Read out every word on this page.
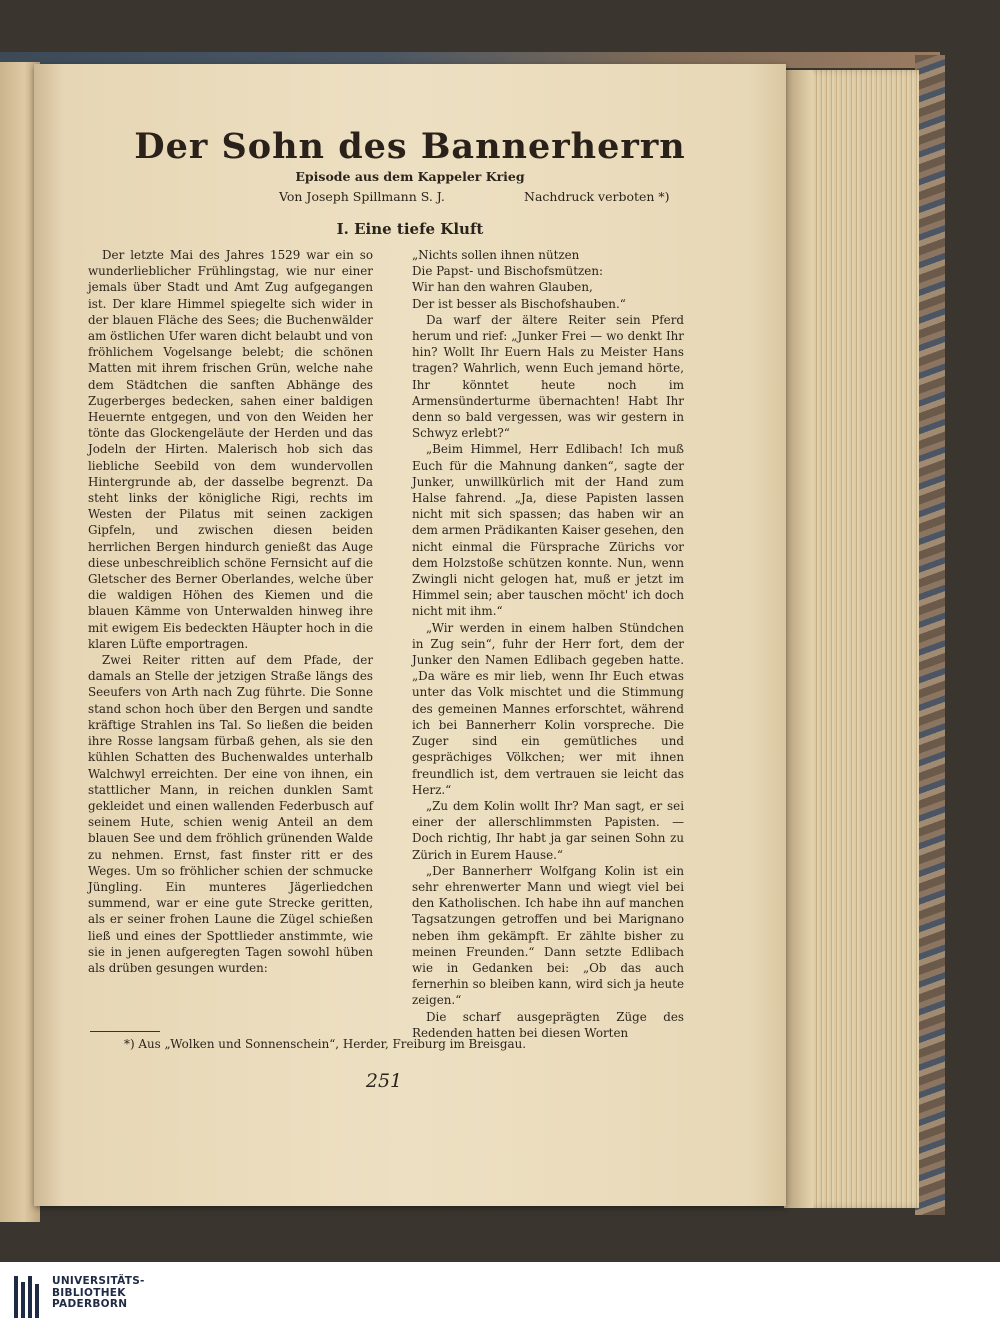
Der Sohn des Bannerherrn
Episode aus dem Kappeler Krieg
Von Joseph Spillmann S. J.	Nachdruck verboten *)
I. Eine tiefe Kluft

Der letzte Mai des Jahres 1529 war ein so wunderlieblicher Frühlingstag, wie nur einer jemals über Stadt und Amt Zug aufgegangen ist. Der klare Himmel spiegelte sich wider in der blauen Fläche des Sees; die Buchenwälder am östlichen Ufer waren dicht belaubt und von fröhlichem Vogelsange belebt; die schönen Matten mit ihrem frischen Grün, welche nahe dem Städtchen die sanften Abhänge des Zugerberges bedecken, sahen einer baldigen Heuernte entgegen, und von den Weiden her tönte das Glockengeläute der Herden und das Jodeln der Hirten. Malerisch hob sich das liebliche Seebild von dem wundervollen Hintergrunde ab, der dasselbe begrenzt. Da steht links der königliche Rigi, rechts im Westen der Pilatus mit seinen zackigen Gipfeln, und zwischen diesen beiden herrlichen Bergen hindurch genießt das Auge diese unbeschreiblich schöne Fernsicht auf die Gletscher des Berner Oberlandes, welche über die waldigen Höhen des Kiemen und die blauen Kämme von Unterwalden hinweg ihre mit ewigem Eis bedeckten Häupter hoch in die klaren Lüfte emportragen.

Zwei Reiter ritten auf dem Pfade, der damals an Stelle der jetzigen Straße längs des Seeufers von Arth nach Zug führte. Die Sonne stand schon hoch über den Bergen und sandte kräftige Strahlen ins Tal. So ließen die beiden ihre Rosse langsam fürbaß gehen, als sie den kühlen Schatten des Buchenwaldes unterhalb Walchwyl erreichten. Der eine von ihnen, ein stattlicher Mann, in reichen dunklen Samt gekleidet und einen wallenden Federbusch auf seinem Hute, schien wenig Anteil an dem blauen See und dem fröhlich grünenden Walde zu nehmen. Ernst, fast finster ritt er des Weges. Um so fröhlicher schien der schmucke Jüngling. Ein munteres Jägerliedchen summend, war er eine gute Strecke geritten, als er seiner frohen Laune die Zügel schießen ließ und eines der Spottlieder anstimmte, wie sie in jenen aufgeregten Tagen sowohl hüben als drüben gesungen wurden:

„Nichts sollen ihnen nützen

Die Papst- und Bischofsmützen:

Wir han den wahren Glauben,

Der ist besser als Bischofshauben.“

Da warf der ältere Reiter sein Pferd herum und rief: „Junker Frei — wo denkt Ihr hin? Wollt Ihr Euern Hals zu Meister Hans tragen? Wahrlich, wenn Euch jemand hörte, Ihr könntet heute noch im Armensünderturme übernachten! Habt Ihr denn so bald vergessen, was wir gestern in Schwyz erlebt?“

„Beim Himmel, Herr Edlibach! Ich muß Euch für die Mahnung danken“, sagte der Junker, unwillkürlich mit der Hand zum Halse fahrend. „Ja, diese Papisten lassen nicht mit sich spassen; das haben wir an dem armen Prädikanten Kaiser gesehen, den nicht einmal die Fürsprache Zürichs vor dem Holzstoße schützen konnte. Nun, wenn Zwingli nicht gelogen hat, muß er jetzt im Himmel sein; aber tauschen möcht' ich doch nicht mit ihm.“

„Wir werden in einem halben Stündchen in Zug sein“, fuhr der Herr fort, dem der Junker den Namen Edlibach gegeben hatte. „Da wäre es mir lieb, wenn Ihr Euch etwas unter das Volk mischtet und die Stimmung des gemeinen Mannes erforschtet, während ich bei Bannerherr Kolin vorspreche. Die Zuger sind ein gemütliches und gesprächiges Völkchen; wer mit ihnen freundlich ist, dem vertrauen sie leicht das Herz.“

„Zu dem Kolin wollt Ihr? Man sagt, er sei einer der allerschlimmsten Papisten. — Doch richtig, Ihr habt ja gar seinen Sohn zu Zürich in Eurem Hause.“

„Der Bannerherr Wolfgang Kolin ist ein sehr ehrenwerter Mann und wiegt viel bei den Katholischen. Ich habe ihn auf manchen Tagsatzungen getroffen und bei Marignano neben ihm gekämpft. Er zählte bisher zu meinen Freunden.“ Dann setzte Edlibach wie in Gedanken bei: „Ob das auch fernerhin so bleiben kann, wird sich ja heute zeigen.“

Die scharf ausgeprägten Züge des Redenden hatten bei diesen Worten

*) Aus „Wolken und Sonnenschein“, Herder, Freiburg im Breisgau.
251
UNIVERSITÄTS-
BIBLIOTHEK
PADERBORN
